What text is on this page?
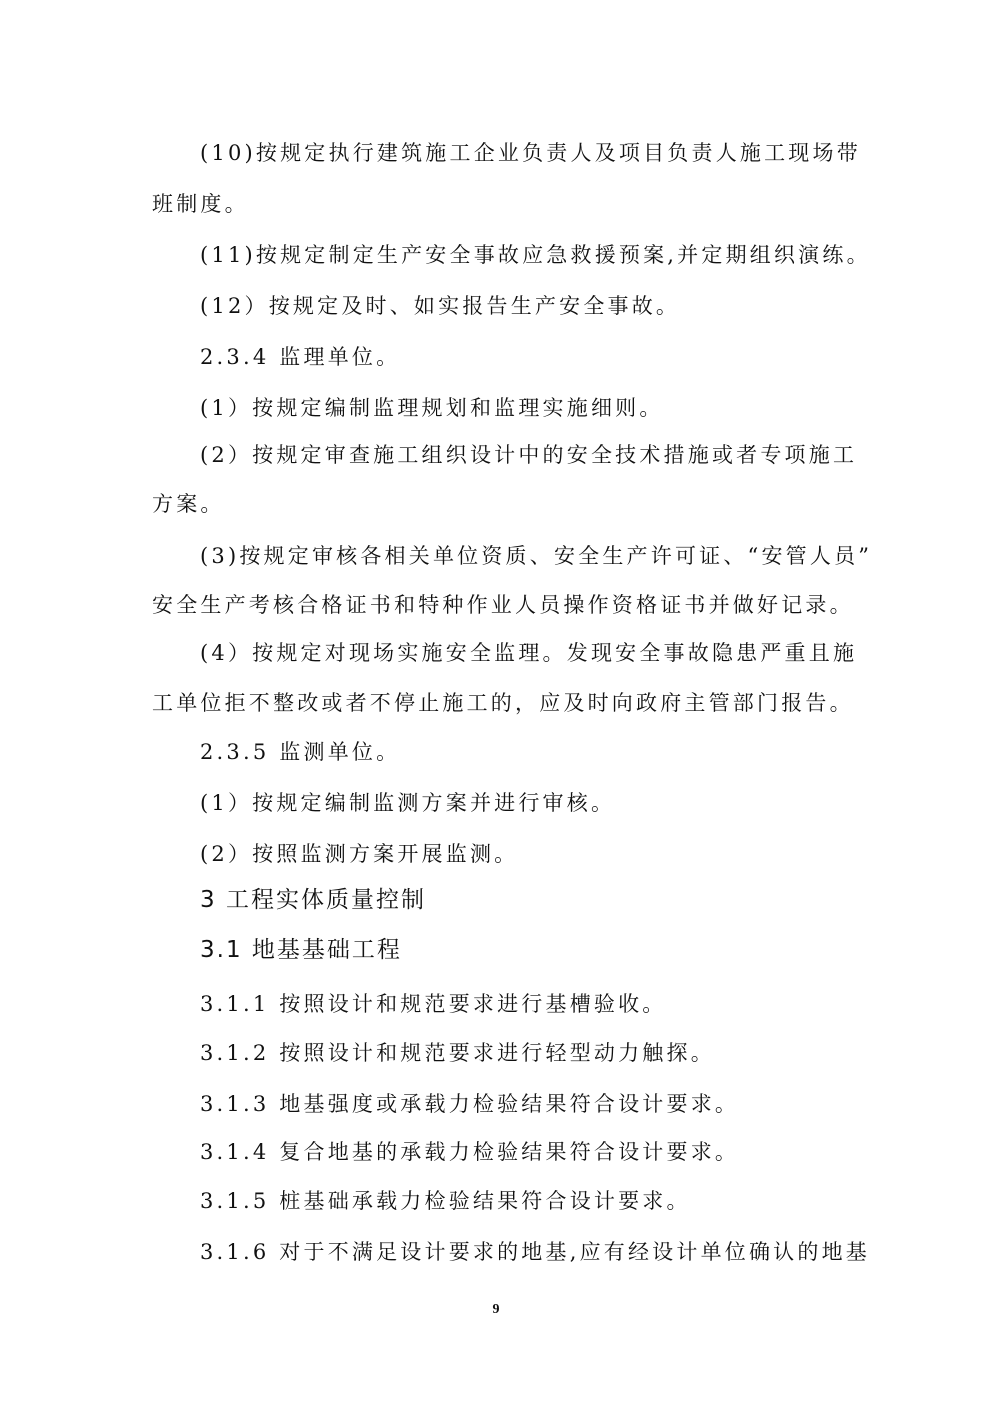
(10)按规定执行建筑施工企业负责人及项目负责人施工现场带
班制度。
(11)按规定制定生产安全事故应急救援预案,并定期组织演练。
(12）按规定及时、如实报告生产安全事故。
2.3.4 监理单位。
(1）按规定编制监理规划和监理实施细则。
(2）按规定审查施工组织设计中的安全技术措施或者专项施工
方案。
(3)按规定审核各相关单位资质、安全生产许可证、“安管人员”
安全生产考核合格证书和特种作业人员操作资格证书并做好记录。
(4）按规定对现场实施安全监理。发现安全事故隐患严重且施
工单位拒不整改或者不停止施工的，应及时向政府主管部门报告。
2.3.5 监测单位。
(1）按规定编制监测方案并进行审核。
(2）按照监测方案开展监测。
3 工程实体质量控制
3.1 地基基础工程
3.1.1 按照设计和规范要求进行基槽验收。
3.1.2 按照设计和规范要求进行轻型动力触探。
3.1.3 地基强度或承载力检验结果符合设计要求。
3.1.4 复合地基的承载力检验结果符合设计要求。
3.1.5 桩基础承载力检验结果符合设计要求。
3.1.6 对于不满足设计要求的地基,应有经设计单位确认的地基
9
